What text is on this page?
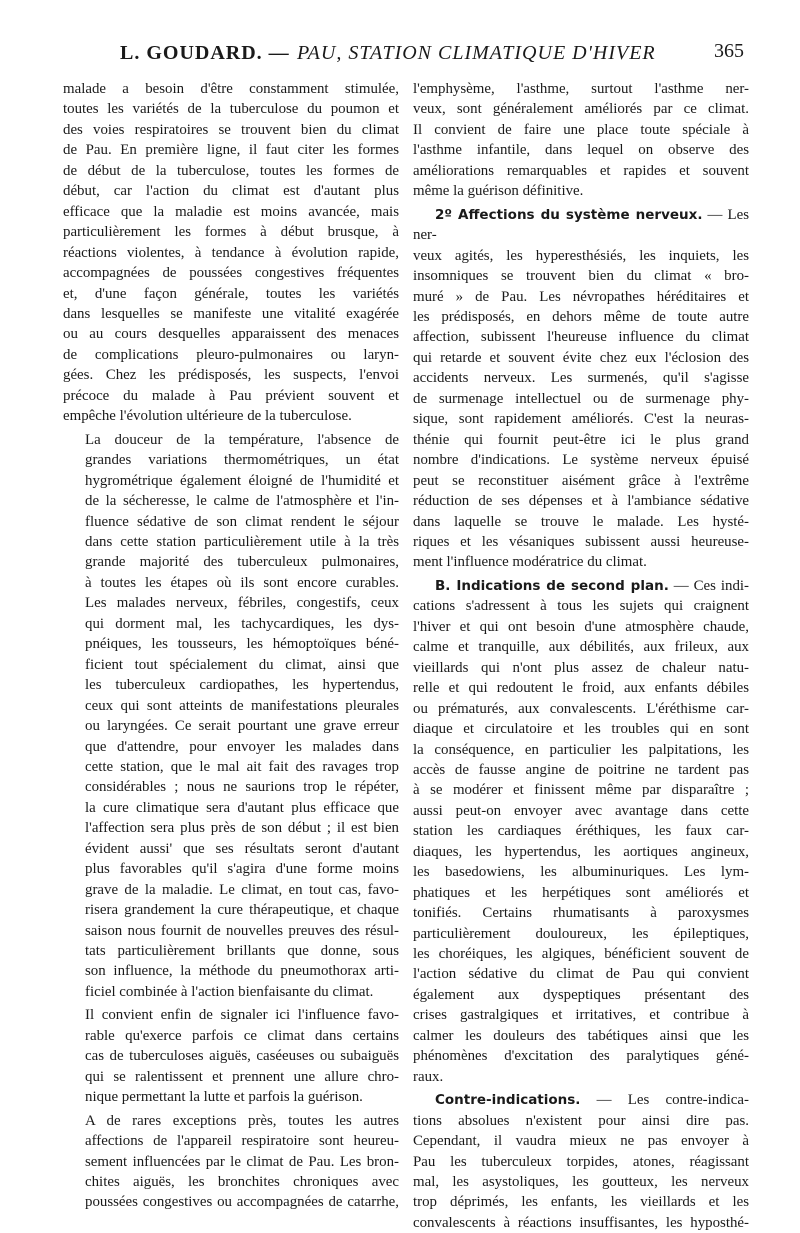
L. GOUDARD. — PAU, STATION CLIMATIQUE D'HIVER	365

malade a besoin d'être constamment stimulée,
toutes les variétés de la tuberculose du poumon et
des voies respiratoires se trouvent bien du climat
de Pau. En première ligne, il faut citer les formes
de début de la tuberculose, toutes les formes de
début, car l'action du climat est d'autant plus
efficace que la maladie est moins avancée, mais
particulièrement les formes à début brusque, à
réactions violentes, à tendance à évolution rapide,
accompagnées de poussées congestives fréquentes
et, d'une façon générale, toutes les variétés
dans lesquelles se manifeste une vitalité exagérée
ou au cours desquelles apparaissent des menaces
de complications pleuro-pulmonaires ou laryn-
gées. Chez les prédisposés, les suspects, l'envoi
précoce du malade à Pau prévient souvent et
empêche l'évolution ultérieure de la tuberculose.

La douceur de la température, l'absence de
grandes variations thermométriques, un état
hygrométrique également éloigné de l'humidité et
de la sécheresse, le calme de l'atmosphère et l'in-
fluence sédative de son climat rendent le séjour
dans cette station particulièrement utile à la très
grande majorité des tuberculeux pulmonaires,
à toutes les étapes où ils sont encore curables.
Les malades nerveux, fébriles, congestifs, ceux
qui dorment mal, les tachycardiques, les dys-
pnéiques, les tousseurs, les hémoptoïques béné-
ficient tout spécialement du climat, ainsi que
les tuberculeux cardiopathes, les hypertendus,
ceux qui sont atteints de manifestations pleurales
ou laryngées. Ce serait pourtant une grave erreur
que d'attendre, pour envoyer les malades dans
cette station, que le mal ait fait des ravages trop
considérables ; nous ne saurions trop le répéter,
la cure climatique sera d'autant plus efficace que
l'affection sera plus près de son début ; il est bien
évident aussi' que ses résultats seront d'autant
plus favorables qu'il s'agira d'une forme moins
grave de la maladie. Le climat, en tout cas, favo-
risera grandement la cure thérapeutique, et chaque
saison nous fournit de nouvelles preuves des résul-
tats particulièrement brillants que donne, sous
son influence, la méthode du pneumothorax arti-
ficiel combinée à l'action bienfaisante du climat.

Il convient enfin de signaler ici l'influence favo-
rable qu'exerce parfois ce climat dans certains
cas de tuberculoses aiguës, caséeuses ou subaiguës
qui se ralentissent et prennent une allure chro-
nique permettant la lutte et parfois la guérison.

A de rares exceptions près, toutes les autres
affections de l'appareil respiratoire sont heureu-
sement influencées par le climat de Pau. Les bron-
chites aiguës, les bronchites chroniques avec
poussées congestives ou accompagnées de catarrhe,

l'emphysème, l'asthme, surtout l'asthme ner-
veux, sont généralement améliorés par ce climat.
Il convient de faire une place toute spéciale à
l'asthme infantile, dans lequel on observe des
améliorations remarquables et rapides et souvent
même la guérison définitive.

2º Affections du système nerveux. — Les ner-
veux agités, les hyperesthésiés, les inquiets, les
insomniques se trouvent bien du climat « bro-
muré » de Pau. Les névropathes héréditaires et
les prédisposés, en dehors même de toute autre
affection, subissent l'heureuse influence du climat
qui retarde et souvent évite chez eux l'éclosion des
accidents nerveux. Les surmenés, qu'il s'agisse
de surmenage intellectuel ou de surmenage phy-
sique, sont rapidement améliorés. C'est la neuras-
thénie qui fournit peut-être ici le plus grand
nombre d'indications. Le système nerveux épuisé
peut se reconstituer aisément grâce à l'extrême
réduction de ses dépenses et à l'ambiance sédative
dans laquelle se trouve le malade. Les hysté-
riques et les vésaniques subissent aussi heureuse-
ment l'influence modératrice du climat.

B. Indications de second plan. — Ces indi-
cations s'adressent à tous les sujets qui craignent
l'hiver et qui ont besoin d'une atmosphère chaude,
calme et tranquille, aux débilités, aux frileux, aux
vieillards qui n'ont plus assez de chaleur natu-
relle et qui redoutent le froid, aux enfants débiles
ou prématurés, aux convalescents. L'éréthisme car-
diaque et circulatoire et les troubles qui en sont
la conséquence, en particulier les palpitations, les
accès de fausse angine de poitrine ne tardent pas
à se modérer et finissent même par disparaître ;
aussi peut-on envoyer avec avantage dans cette
station les cardiaques éréthiques, les faux car-
diaques, les hypertendus, les aortiques angineux,
les basedowiens, les albuminuriques. Les lym-
phatiques et les herpétiques sont améliorés et
tonifiés. Certains rhumatisants à paroxysmes
particulièrement douloureux, les épileptiques,
les choréiques, les algiques, bénéficient souvent de
l'action sédative du climat de Pau qui convient
également aux dyspeptiques présentant des
crises gastralgiques et irritatives, et contribue à
calmer les douleurs des tabétiques ainsi que les
phénomènes d'excitation des paralytiques géné-
raux.

Contre-indications. — Les contre-indica-
tions absolues n'existent pour ainsi dire pas.
Cependant, il vaudra mieux ne pas envoyer à
Pau les tuberculeux torpides, atones, réagissant
mal, les asystoliques, les goutteux, les nerveux
trop déprimés, les enfants, les vieillards et les
convalescents à réactions insuffisantes, les hyposthé-
